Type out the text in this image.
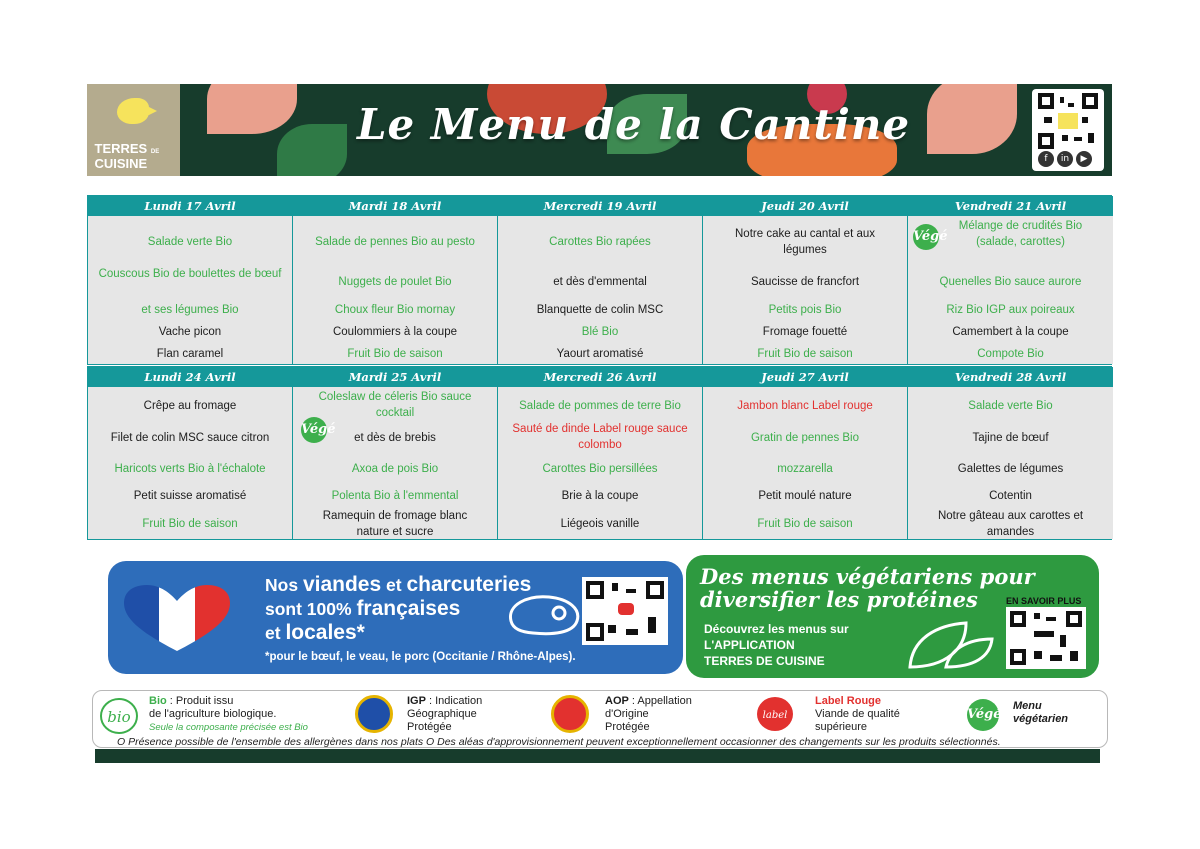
TERRES DE
CUISINE
Le Menu de la Cantine
f	in	▶
Lundi 17 Avril
Salade verte Bio
Couscous Bio de boulettes de bœuf
et ses légumes Bio
Vache picon
Flan caramel
Mardi 18 Avril
Salade de pennes Bio au pesto
Nuggets de poulet Bio
Choux fleur Bio mornay
Coulommiers à la coupe
Fruit Bio de saison
Mercredi 19 Avril
Carottes Bio rapées
et dès d'emmental
Blanquette de colin MSC
Blé Bio
Yaourt aromatisé
Jeudi 20 Avril
Notre cake au cantal et aux légumes
Saucisse de francfort
Petits pois Bio
Fromage fouetté
Fruit Bio de saison
Vendredi 21 Avril
Végé
Mélange de crudités Bio (salade, carottes)
Quenelles Bio sauce aurore
Riz Bio IGP aux poireaux
Camembert à la coupe
Compote Bio
Lundi 24 Avril
Crêpe au fromage
Filet de colin MSC sauce citron
Haricots verts Bio à l'échalote
Petit suisse aromatisé
Fruit Bio de saison
Mardi 25 Avril
Coleslaw de céleris Bio sauce cocktail
Végé
et dès de brebis
Axoa de pois Bio
Polenta Bio à l'emmental
Ramequin de fromage blanc nature et sucre
Mercredi 26 Avril
Salade de pommes de terre Bio
Sauté de dinde Label rouge sauce colombo
Carottes Bio persillées
Brie à la coupe
Liégeois vanille
Jeudi 27 Avril
Jambon blanc Label rouge
Gratin de pennes Bio
mozzarella
Petit moulé nature
Fruit Bio de saison
Vendredi 28 Avril
Salade verte Bio
Tajine de bœuf
Galettes de légumes
Cotentin
Notre gâteau aux carottes et amandes
Nos viandes et charcuteries
sont 100% françaises
et locales*
*pour le bœuf, le veau, le porc (Occitanie / Rhône-Alpes).
Des menus végétariens pour
diversifier les protéines
Découvrez les menus sur
L'APPLICATION
TERRES DE CUISINE
EN SAVOIR PLUS
bio
Bio : Produit issu
de l'agriculture biologique.
Seule la composante précisée est Bio
IGP : Indication
Géographique
Protégée
AOP : Appellation
d'Origine
Protégée
label
Label Rouge
Viande de qualité
supérieure
Végé
Menu
végétarien
O Présence possible de l'ensemble des allergènes dans nos plats O Des aléas d'approvisionnement peuvent exceptionnellement occasionner des changements sur les produits sélectionnés.
